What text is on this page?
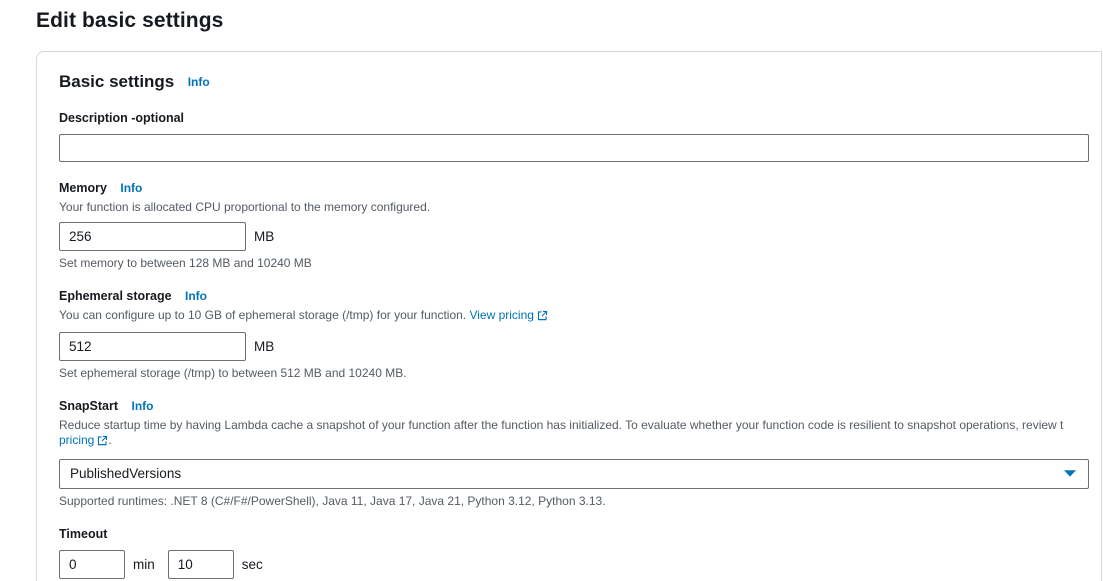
Edit basic settings
Basic settings Info
Description -optional
Memory Info
Your function is allocated CPU proportional to the memory configured.
256
MB
Set memory to between 128 MB and 10240 MB
Ephemeral storage Info
You can configure up to 10 GB of ephemeral storage (/tmp) for your function. View pricing
512
MB
Set ephemeral storage (/tmp) to between 512 MB and 10240 MB.
SnapStart Info
Reduce startup time by having Lambda cache a snapshot of your function after the function has initialized. To evaluate whether your function code is resilient to snapshot operations, review t
pricing .
PublishedVersions
Supported runtimes: .NET 8 (C#/F#/PowerShell), Java 11, Java 17, Java 21, Python 3.12, Python 3.13.
Timeout
0
min
10	sec
